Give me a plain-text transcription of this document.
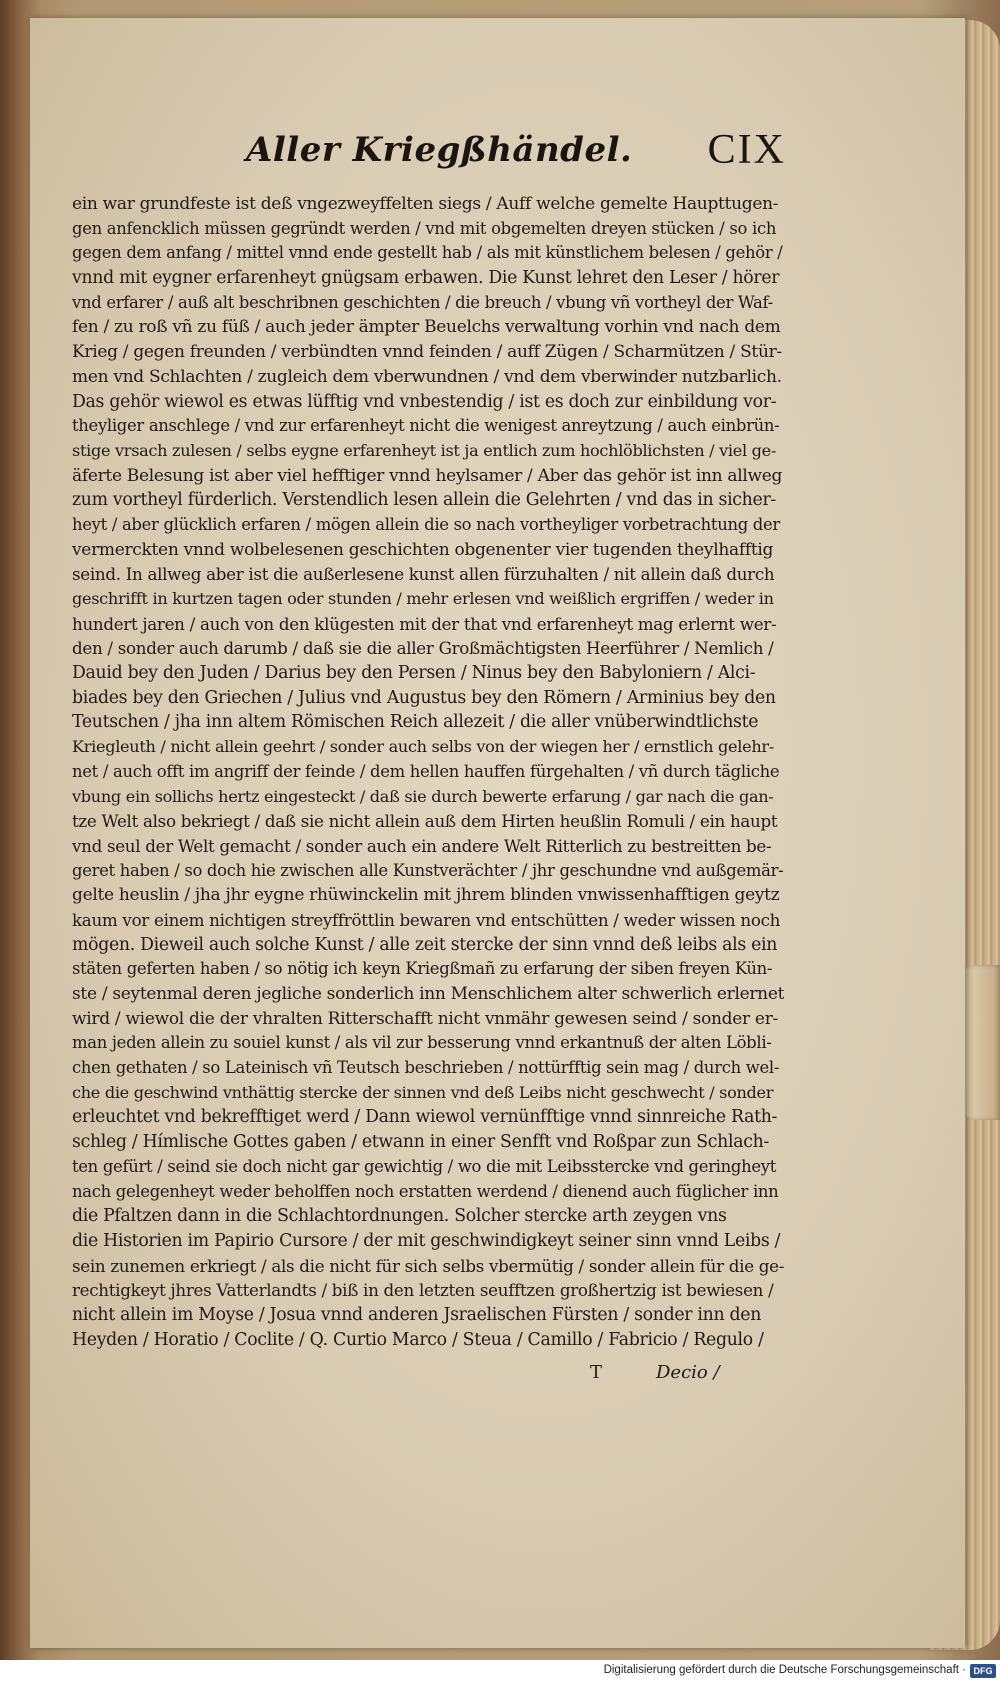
Aller Kriegßhändel. CIX
ein war grundfeste ist deß vngezweyffelten siegs / Auff welche gemelte Haupttugen-
gen anfencklich müssen gegründt werden / vnd mit obgemelten dreyen stücken / so ich
gegen dem anfang / mittel vnnd ende gestellt hab / als mit künstlichem belesen / gehör /
vnnd mit eygner erfarenheyt gnügsam erbawen. Die Kunst lehret den Leser / hörer
vnd erfarer / auß alt beschribnen geschichten / die breuch / vbung vñ vortheyl der Waf-
fen / zu roß vñ zu füß / auch jeder ämpter Beuelchs verwaltung vorhin vnd nach dem
Krieg / gegen freunden / verbündten vnnd feinden / auff Zügen / Scharmützen / Stür-
men vnd Schlachten / zugleich dem vberwundnen / vnd dem vberwinder nutzbarlich.
Das gehör wiewol es etwas lüfftig vnd vnbestendig / ist es doch zur einbildung vor-
theyliger anschlege / vnd zur erfarenheyt nicht die wenigest anreytzung / auch einbrün-
stige vrsach zulesen / selbs eygne erfarenheyt ist ja entlich zum hochlöblichsten / viel ge-
äferte Belesung ist aber viel hefftiger vnnd heylsamer / Aber das gehör ist inn allweg
zum vortheyl fürderlich. Verstendlich lesen allein die Gelehrten / vnd das in sicher-
heyt / aber glücklich erfaren / mögen allein die so nach vortheyliger vorbetrachtung der
vermerckten vnnd wolbelesenen geschichten obgenenter vier tugenden theylhafftig
seind. In allweg aber ist die außerlesene kunst allen fürzuhalten / nit allein daß durch
geschrifft in kurtzen tagen oder stunden / mehr erlesen vnd weißlich ergriffen / weder in
hundert jaren / auch von den klügesten mit der that vnd erfarenheyt mag erlernt wer-
den / sonder auch darumb / daß sie die aller Großmächtigsten Heerführer / Nemlich /
Dauid bey den Juden / Darius bey den Persen / Ninus bey den Babyloniern / Alci-
biades bey den Griechen / Julius vnd Augustus bey den Römern / Arminius bey den
Teutschen / jha inn altem Römischen Reich allezeit / die aller vnüberwindtlichste
Kriegleuth / nicht allein geehrt / sonder auch selbs von der wiegen her / ernstlich gelehr-
net / auch offt im angriff der feinde / dem hellen hauffen fürgehalten / vñ durch tägliche
vbung ein sollichs hertz eingesteckt / daß sie durch bewerte erfarung / gar nach die gan-
tze Welt also bekriegt / daß sie nicht allein auß dem Hirten heußlin Romuli / ein haupt
vnd seul der Welt gemacht / sonder auch ein andere Welt Ritterlich zu bestreitten be-
geret haben / so doch hie zwischen alle Kunstverächter / jhr geschundne vnd außgemär-
gelte heuslin / jha jhr eygne rhüwinckelin mit jhrem blinden vnwissenhafftigen geytz
kaum vor einem nichtigen streyffröttlin bewaren vnd entschütten / weder wissen noch
mögen. Dieweil auch solche Kunst / alle zeit stercke der sinn vnnd deß leibs als ein
stäten geferten haben / so nötig ich keyn Kriegßmañ zu erfarung der siben freyen Kün-
ste / seytenmal deren jegliche sonderlich inn Menschlichem alter schwerlich erlernet
wird / wiewol die der vhralten Ritterschafft nicht vnmähr gewesen seind / sonder er-
man jeden allein zu souiel kunst / als vil zur besserung vnnd erkantnuß der alten Löbli-
chen gethaten / so Lateinisch vñ Teutsch beschrieben / nottürfftig sein mag / durch wel-
che die geschwind vnthättig stercke der sinnen vnd deß Leibs nicht geschwecht / sonder
erleuchtet vnd bekrefftiget werd / Dann wiewol vernünfftige vnnd sinnreiche Rath-
schleg / Hímlische Gottes gaben / etwann in einer Senfft vnd Roßpar zun Schlach-
ten gefürt / seind sie doch nicht gar gewichtig / wo die mit Leibsstercke vnd geringheyt
nach gelegenheyt weder beholffen noch erstatten werdend / dienend auch füglicher inn
die Pfaltzen dann in die Schlachtordnungen. Solcher stercke arth zeygen vns
die Historien im Papirio Cursore / der mit geschwindigkeyt seiner sinn vnnd Leibs /
sein zunemen erkriegt / als die nicht für sich selbs vbermütig / sonder allein für die ge-
rechtigkeyt jhres Vatterlandts / biß in den letzten seufftzen großhertzig ist bewiesen /
nicht allein im Moyse / Josua vnnd anderen Jsraelischen Fürsten / sonder inn den
Heyden / Horatio / Coclite / Q. Curtio Marco / Steua / Camillo / Fabricio / Regulo /
T	Decio /
Digitalisierung gefördert durch die Deutsche Forschungsgemeinschaft · DFG
